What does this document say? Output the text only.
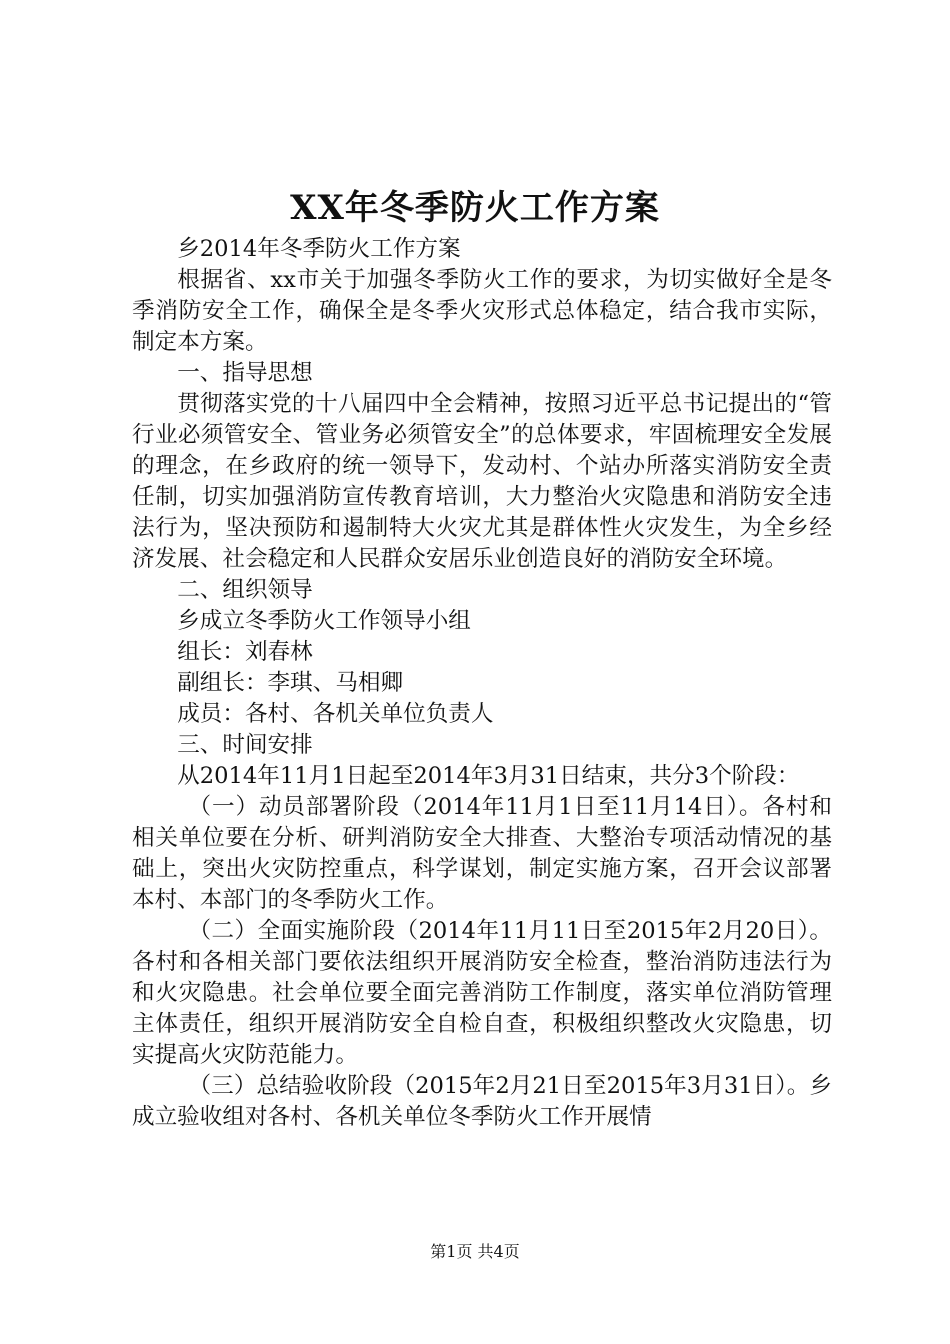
XX年冬季防火工作方案

乡2014年冬季防火工作方案

根据省、xx市关于加强冬季防火工作的要求，为切实做好全是冬季消防安全工作，确保全是冬季火灾形式总体稳定，结合我市实际，制定本方案。

一、指导思想

贯彻落实党的十八届四中全会精神，按照习近平总书记提出的“管行业必须管安全、管业务必须管安全”的总体要求，牢固梳理安全发展的理念，在乡政府的统一领导下，发动村、个站办所落实消防安全责任制，切实加强消防宣传教育培训，大力整治火灾隐患和消防安全违法行为，坚决预防和遏制特大火灾尤其是群体性火灾发生，为全乡经济发展、社会稳定和人民群众安居乐业创造良好的消防安全环境。

二、组织领导

乡成立冬季防火工作领导小组

组长：刘春林

副组长：李琪、马相卿

成员：各村、各机关单位负责人

三、时间安排

从2014年11月1日起至2014年3月31日结束，共分3个阶段：

（一）动员部署阶段（2014年11月1日至11月14日）。各村和相关单位要在分析、研判消防安全大排查、大整治专项活动情况的基础上，突出火灾防控重点，科学谋划，制定实施方案，召开会议部署本村、本部门的冬季防火工作。

（二）全面实施阶段（2014年11月11日至2015年2月20日）。各村和各相关部门要依法组织开展消防安全检查，整治消防违法行为和火灾隐患。社会单位要全面完善消防工作制度，落实单位消防管理主体责任，组织开展消防安全自检自查，积极组织整改火灾隐患，切实提高火灾防范能力。

（三）总结验收阶段（2015年2月21日至2015年3月31日）。乡成立验收组对各村、各机关单位冬季防火工作开展情

第1页 共4页
